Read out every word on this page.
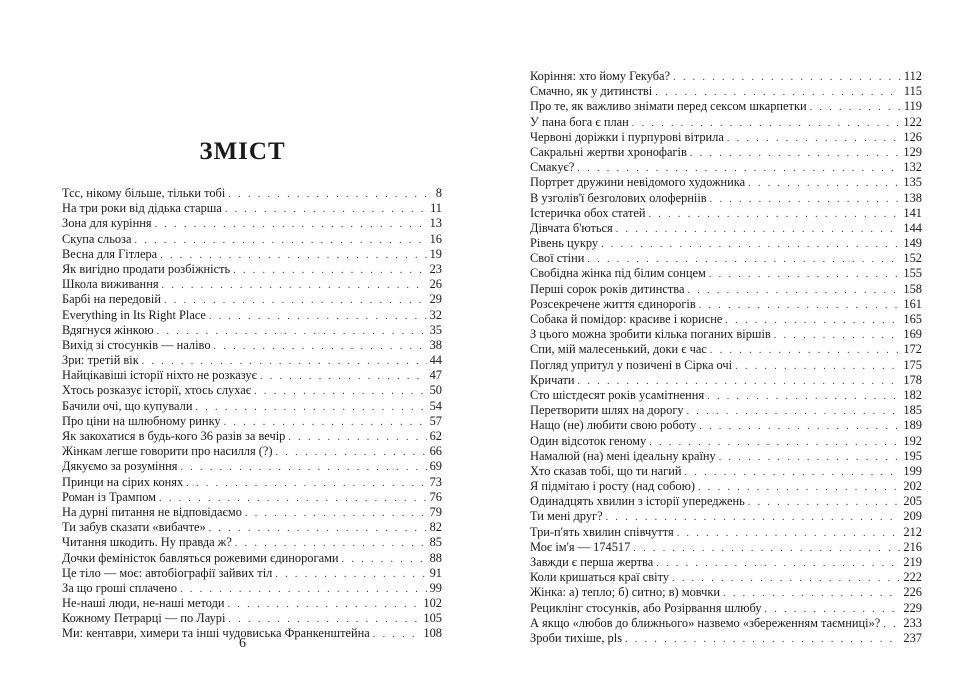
ЗМІСТ
Тсс, нікому більше, тільки тобі . . .	8
На три роки від дідька старша . . .	11
Зона для куріння . . .	13
Скупа сльоза . . .	16
Весна для Гітлера . . .	19
Як вигідно продати розбіжність . . .	23
Школа виживання . . .	26
Барбі на передовій . . .	29
Everything in Its Right Place . . .	32
Вдягнуся жінкою . . .	35
Вихід зі стосунків — наліво . . .	38
Зри: третій вік . . .	44
Найцікавіші історії ніхто не розказує . . .	47
Хтось розказує історії, хтось слухає . . .	50
Бачили очі, що купували . . .	54
Про ціни на шлюбному ринку . . .	57
Як закохатися в будь-кого 36 разів за вечір . . .	62
Жінкам легше говорити про насилля (?) . . .	66
Дякуємо за розуміння . . .	69
Принци на сірих конях . . .	73
Роман із Трампом . . .	76
На дурні питання не відповідаємо . . .	79
Ти забув сказати «вибачте» . . .	82
Читання шкодить. Ну правда ж? . . .	85
Дочки феміністок бавляться рожевими єдинорогами . . .	88
Це тіло — моє: автобіографії зайвих тіл . . .	91
За що гроші сплачено . . .	99
Не-наші люди, не-наші методи . . .	102
Кожному Петрарці — по Лаурі . . .	105
Ми: кентаври, химери та інші чудовиська Франкенштейна . . .	108
6
Коріння: хто йому Гекуба? . . .	112
Смачно, як у дитинстві . . .	115
Про те, як важливо знімати перед сексом шкарпетки . . .	119
У пана бога є план . . .	122
Червоні доріжки і пурпурові вітрила . . .	126
Сакральні жертви хронофагів . . .	129
Смакує? . . .	132
Портрет дружини невідомого художника . . .	135
В узголів'ї безголових олоферніів . . .	138
Істеричка обох статей . . .	141
Дівчата б'ються . . .	144
Рівень цукру . . .	149
Свої стіни . . .	152
Свобідна жінка під білим сонцем . . .	155
Перші сорок років дитинства . . .	158
Розсекречене життя єдинорогів . . .	161
Собака й помідор: красиве і корисне . . .	165
З цього можна зробити кілька поганих віршів . . .	169
Спи, мій малесенький, доки є час . . .	172
Погляд упритул у позичені в Сірка очі . . .	175
Кричати . . .	178
Сто шістдесят років усамітнення . . .	182
Перетворити шлях на дорогу . . .	185
Нащо (не) любити свою роботу . . .	189
Один відсоток геному . . .	192
Намалюй (на) мені ідеальну країну . . .	195
Хто сказав тобі, що ти нагий . . .	199
Я підмітаю і росту (над собою) . . .	202
Одинадцять хвилин з історії упереджень . . .	205
Ти мені друг? . . .	209
Три-п'ять хвилин співчуття . . .	212
Моє ім'я — 174517 . . .	216
Завжди є перша жертва . . .	219
Коли кришаться краї світу . . .	222
Жінка: а) тепло; б) ситно; в) мовчки . . .	226
Рециклінг стосунків, або Розірвання шлюбу . . .	229
А якщо «любов до ближнього» назвемо «збереженням таємниці»? . . . 233
Зроби тихіше, pls . . .	237
